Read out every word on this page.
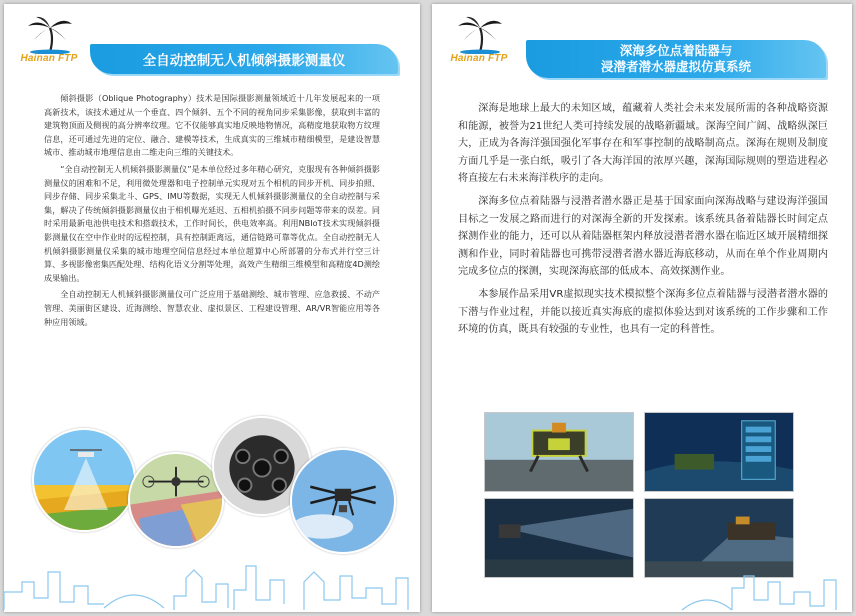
Hainan FTP	全自动控制无人机倾斜摄影测量仪

倾斜摄影（Oblique Photography）技术是国际摄影测量领域近十几年发展起来的一项高新技术，该技术通过从一个垂直、四个倾斜、五个不同的视角同步采集影像，获取到丰富的建筑物顶面及侧视的高分辨率纹理。它不仅能够真实地反映地物情况，高精度地获取物方纹理信息，还可通过先进的定位、融合、建模等技术，生成真实的三维城市精细模型，是建设智慧城市、推动城市地理信息由二维走向三维的关键技术。

“全自动控制无人机倾斜摄影测量仪”是本单位经过多年精心研究，克服现有各种倾斜摄影测量仪的困难和不足，利用微处理器和电子控制单元实现对五个相机的同步开机、同步拍照、同步存储、同步采集北斗、GPS、IMU等数据，实现无人机倾斜摄影测量仪的全自动控制与采集，解决了传统倾斜摄影测量仪由于相机曝光延迟、五相机拍摄不同步问题等带来的误差。同时采用最新电池供电技术和搭载技术，工作时间长，供电效率高。利用NBIoT技术实现倾斜摄影测量仪在空中作业时的远程控制，具有控制距离远，通信链路可靠等优点。全自动控制无人机倾斜摄影测量仪采集的城市地理空间信息经过本单位超算中心所部署的分布式并行空三计算、多视影像密集匹配处理、结构化语义分割等处理，高效产生精细三维模型和高精度4D测绘成果输出。

全自动控制无人机倾斜摄影测量仪可广泛应用于基础测绘、城市管理、应急救援、不动产管理、美丽街区建设、近海测绘、智慧农业、虚拟景区、工程建设管理、AR/VR智能应用等各种应用领域。

Hainan FTP
深海多位点着陆器与
浸潜者潜水器虚拟仿真系统

深海是地球上最大的未知区域，蕴藏着人类社会未来发展所需的各种战略资源和能源，被誉为21世纪人类可持续发展的战略新疆域。深海空间广阔、战略纵深巨大，正成为各海洋强国强化军事存在和军事控制的战略制高点。深海在规则及制度方面几乎是一张白纸，吸引了各大海洋国的浓厚兴趣，深海国际规则的塑造进程必将直接左右未来海洋秩序的走向。

深海多位点着陆器与浸潜者潜水器正是基于国家面向深海战略与建设海洋强国目标之一发展之路而进行的对深海全新的开发探索。该系统具备着陆器长时间定点探测作业的能力，还可以从着陆器框架内释放浸潜者潜水器在临近区域开展精细探测和作业，同时着陆器也可携带浸潜者潜水器近海底移动，从而在单个作业周期内完成多位点的探测，实现深海底部的低成本、高效探测作业。

本参展作品采用VR虚拟现实技术模拟整个深海多位点着陆器与浸潜者潜水器的下潜与作业过程，并能以接近真实海底的虚拟体验达到对该系统的工作步骤和工作环境的仿真，既具有较强的专业性，也具有一定的科普性。
